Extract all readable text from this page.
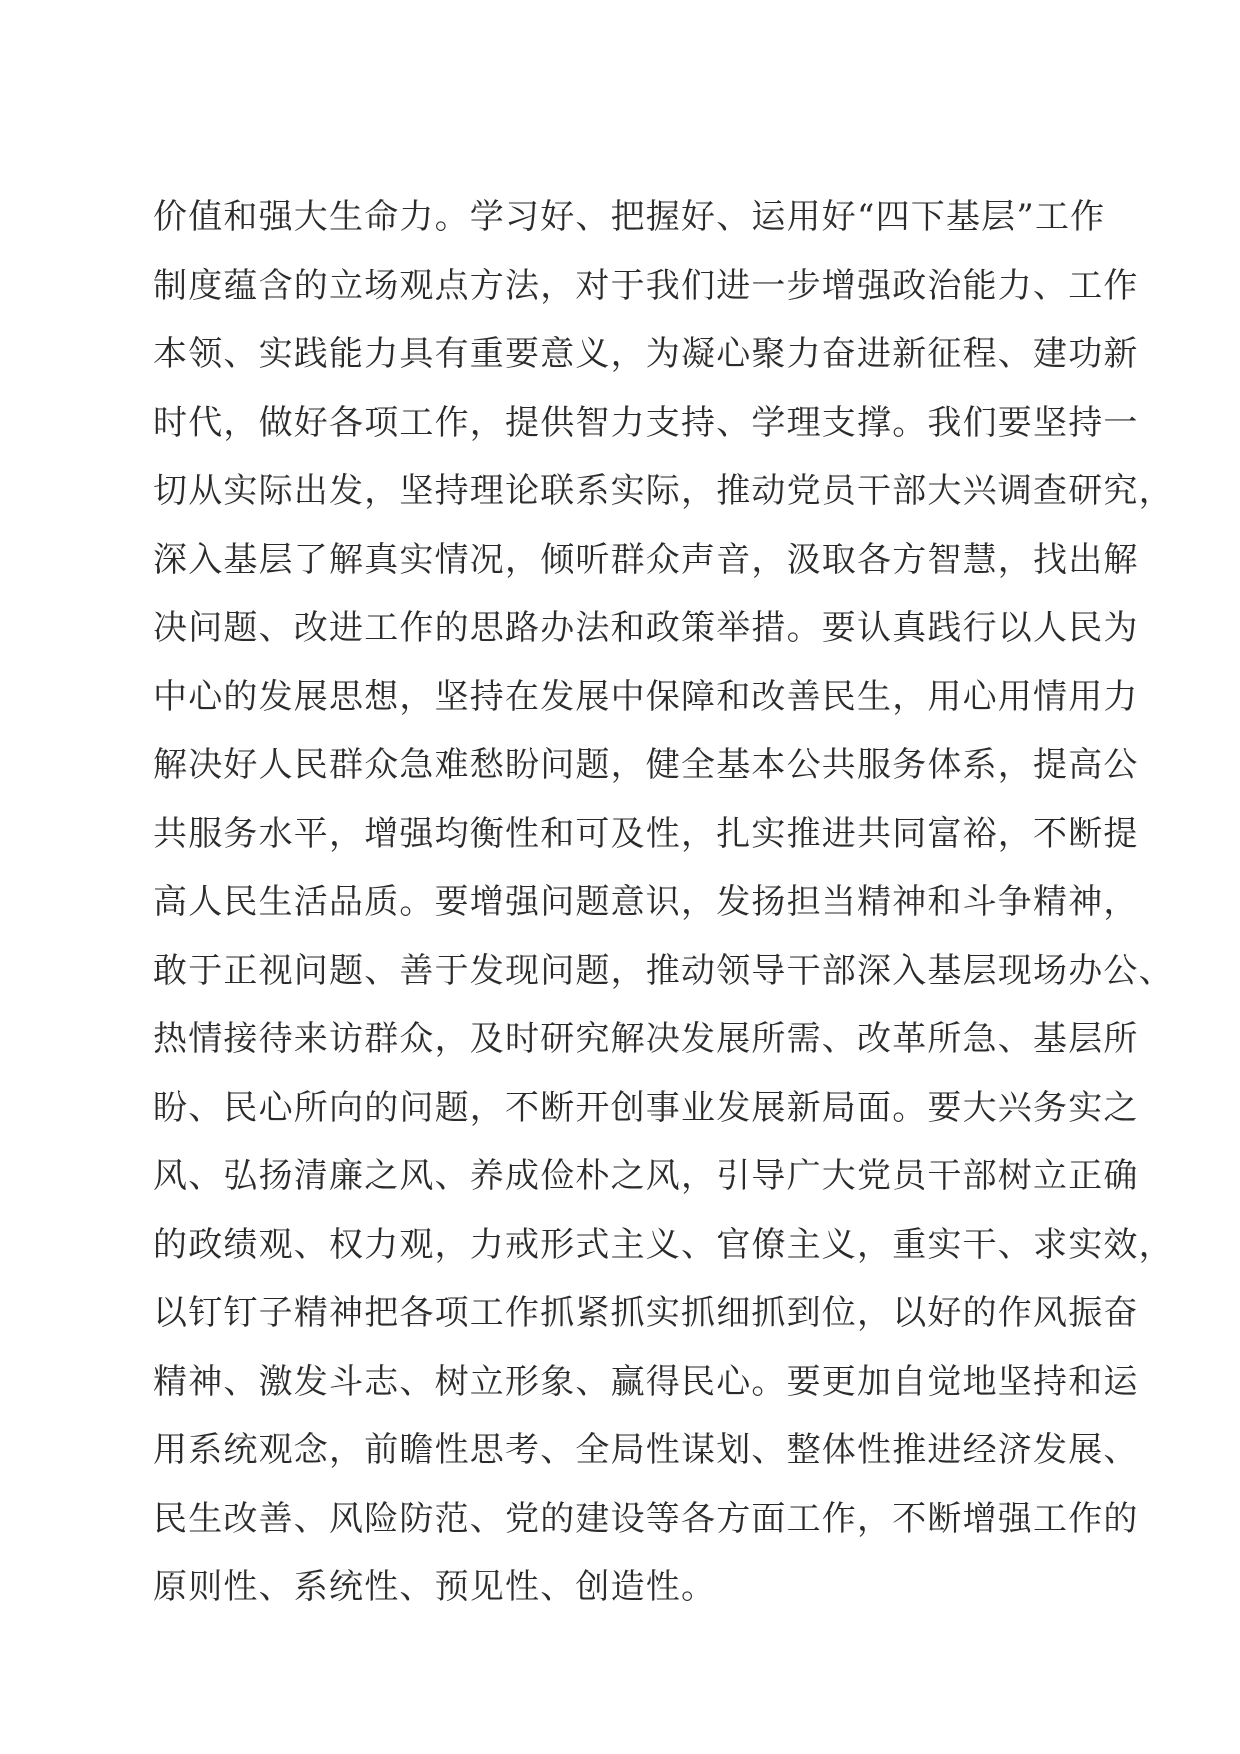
价值和强大生命力。学习好、把握好、运用好“四下基层”工作
制度蕴含的立场观点方法，对于我们进一步增强政治能力、工作
本领、实践能力具有重要意义，为凝心聚力奋进新征程、建功新
时代，做好各项工作，提供智力支持、学理支撑。我们要坚持一
切从实际出发，坚持理论联系实际，推动党员干部大兴调查研究，
深入基层了解真实情况，倾听群众声音，汲取各方智慧，找出解
决问题、改进工作的思路办法和政策举措。要认真践行以人民为
中心的发展思想，坚持在发展中保障和改善民生，用心用情用力
解决好人民群众急难愁盼问题，健全基本公共服务体系，提高公
共服务水平，增强均衡性和可及性，扎实推进共同富裕，不断提
高人民生活品质。要增强问题意识，发扬担当精神和斗争精神，
敢于正视问题、善于发现问题，推动领导干部深入基层现场办公、
热情接待来访群众，及时研究解决发展所需、改革所急、基层所
盼、民心所向的问题，不断开创事业发展新局面。要大兴务实之
风、弘扬清廉之风、养成俭朴之风，引导广大党员干部树立正确
的政绩观、权力观，力戒形式主义、官僚主义，重实干、求实效，
以钉钉子精神把各项工作抓紧抓实抓细抓到位，以好的作风振奋
精神、激发斗志、树立形象、赢得民心。要更加自觉地坚持和运
用系统观念，前瞻性思考、全局性谋划、整体性推进经济发展、
民生改善、风险防范、党的建设等各方面工作，不断增强工作的
原则性、系统性、预见性、创造性。
